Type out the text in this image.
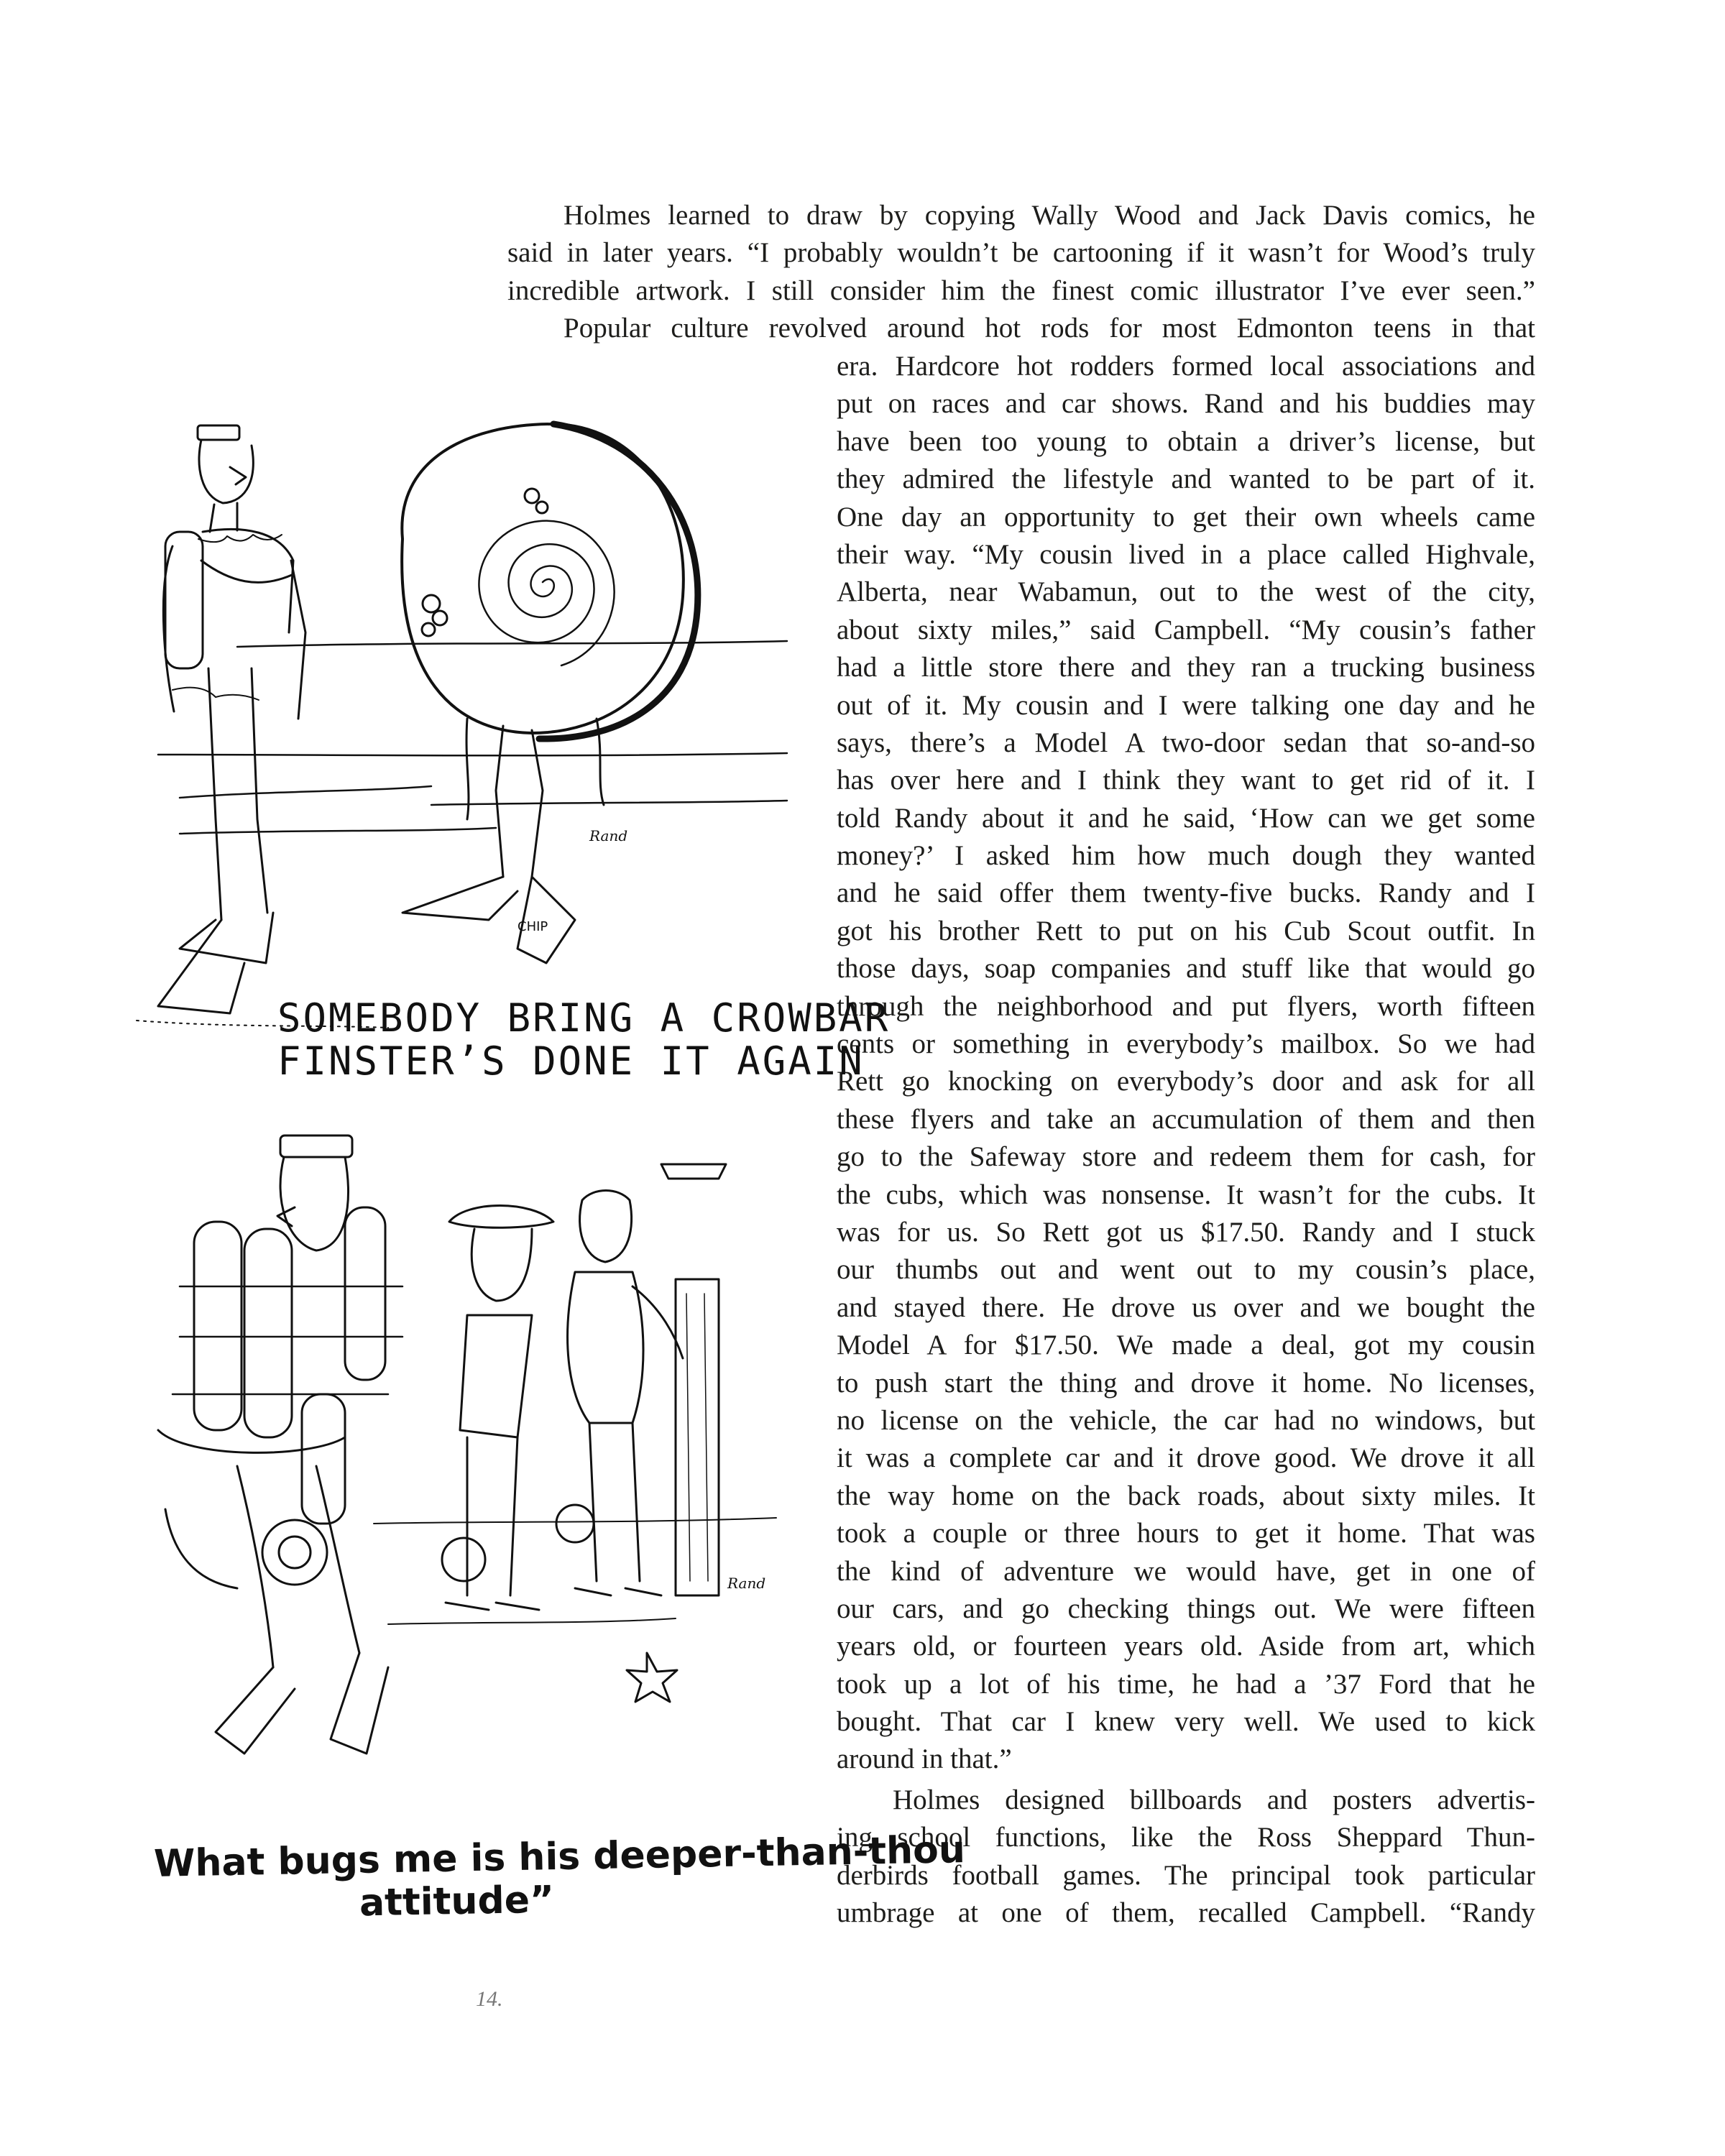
Holmes learned to draw by copying Wally Wood and Jack Davis comics, he
said in later years. “I probably wouldn’t be cartooning if it wasn’t for Wood’s truly
incredible artwork. I still consider him the finest comic illustrator I’ve ever seen.”
Popular culture revolved around hot rods for most Edmonton teens in that
era. Hardcore hot rodders formed local associations and
put on races and car shows. Rand and his buddies may
have been too young to obtain a driver’s license, but
they admired the lifestyle and wanted to be part of it.
One day an opportunity to get their own wheels came
their way. “My cousin lived in a place called Highvale,
Alberta, near Wabamun, out to the west of the city,
about sixty miles,” said Campbell. “My cousin’s father
had a little store there and they ran a trucking business
out of it. My cousin and I were talking one day and he
says, there’s a Model A two-door sedan that so-and-so
has over here and I think they want to get rid of it. I
told Randy about it and he said, ‘How can we get some
money?’ I asked him how much dough they wanted
and he said offer them twenty-five bucks. Randy and I
got his brother Rett to put on his Cub Scout outfit. In
those days, soap companies and stuff like that would go
through the neighborhood and put flyers, worth fifteen
cents or something in everybody’s mailbox. So we had
Rett go knocking on everybody’s door and ask for all
these flyers and take an accumulation of them and then
go to the Safeway store and redeem them for cash, for
the cubs, which was nonsense. It wasn’t for the cubs. It
was for us. So Rett got us $17.50. Randy and I stuck
our thumbs out and went out to my cousin’s place,
and stayed there. He drove us over and we bought the
Model A for $17.50. We made a deal, got my cousin
to push start the thing and drove it home. No licenses,
no license on the vehicle, the car had no windows, but
it was a complete car and it drove good. We drove it all
the way home on the back roads, about sixty miles. It
took a couple or three hours to get it home. That was
the kind of adventure we would have, get in one of
our cars, and go checking things out. We were fifteen
years old, or fourteen years old. Aside from art, which
took up a lot of his time, he had a ’37 Ford that he
bought. That car I knew very well. We used to kick
around in that.”
Holmes designed billboards and posters advertis-
ing school functions, like the Ross Sheppard Thun-
derbirds football games. The principal took particular
umbrage at one of them, recalled Campbell. “Randy
CHIP
Rand
SOMEBODY BRING A CROWBAR
FINSTER’S DONE IT AGAIN
Rand
What bugs me is his deeper-than-thou
attitude”
14.
